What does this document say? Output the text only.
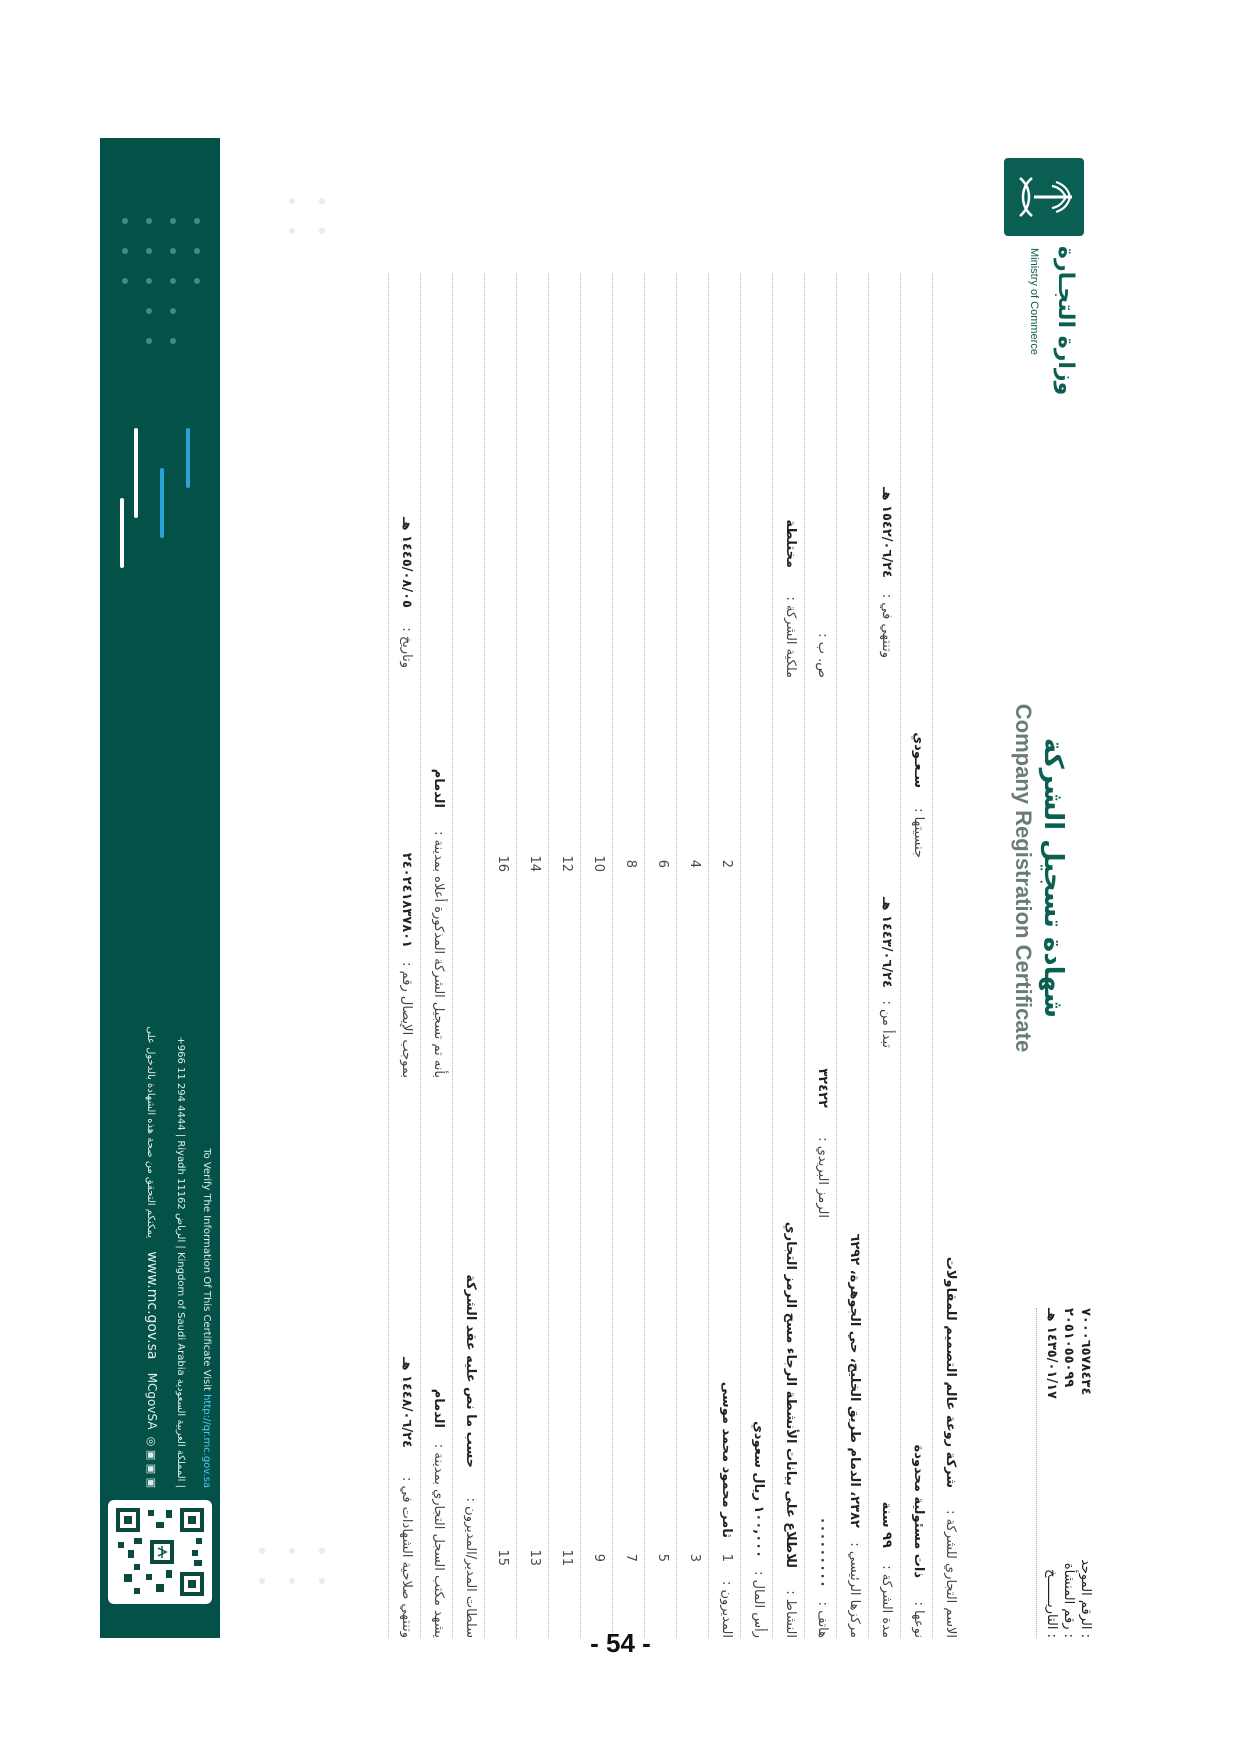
الرقم الموحد :
٧٠٠٠٦٥٧٨٤٣٤
رقم المنشأة :
٢٠٥١٠٥٥٠٩٩
التاريـــــــخ :
١٤٣٥/٠١/١٧ هـ
شهادة تسجيل الشركة
Company Registration Certificate
وزارة التجـارة
Ministry of Commerce
الاسم التجاري للشركة :
شركة روعة عالم التصميم للمقاولات
نوعها :
ذات مسئولية محدودة
جنسيتها :
سـعـودي
مدة الشركة :
٩٩ سنة
تبدأ من :
١٤٤٣/٠٦/٢٤ هـ
وتنتهي في :
١٥٤٢/٠٦/٢٤ هـ
مركزها الرئيسي :
٢٣٨٢، الدمام طريق الخليج، حي الجوهرة، ٦٢٩٢
هاتف :
٠٠٠٠٠٠٠٠٠
الرمز البريدي :
٣٢٤٢٢
ص. ب :
النشاط :
للاطلاع على بيانات الأنشطة الرجاء مسح الرمز التجاري
ملكية الشركة :
مختلطة
رأس المال :
١٠٠,٠٠٠ ريال سعودي
المديرون :
1
ثامر محمود محمد موسى
2
3
4
5
6
7
8
9
10
11
12
13
14
15
16
سلطات المدير/المديرون :
حسب ما نص عليه عقد الشركة
يشهد مكتب السجل التجاري بمدينة :
الدمام
بأنه تم تسجيل الشركة المذكورة أعلاه بمدينة :
الدمام
وتنتهي صلاحية الشهادات في :
١٤٤٨/٠٦/٢٤ هـ
بموجب الإيصال رقم :
٢٤٠٢٤١٨٣٧٨٠١
وتاريخ :
١٤٤٥/٠٨/٠٥ هـ
To Verify The Information Of This Certificate Visit http://qr.mc.gov.sa
+966 11 294 4444 | Riyadh 11162 الرياض | Kingdom of Saudi Arabia المملكة العربية السعودية |
يمكنكم التحقق من صحة هذه الشهادة بالدخول على www.mc.gov.sa MCgovSA ◎ ▣ ▣ ▣
- 54 -
